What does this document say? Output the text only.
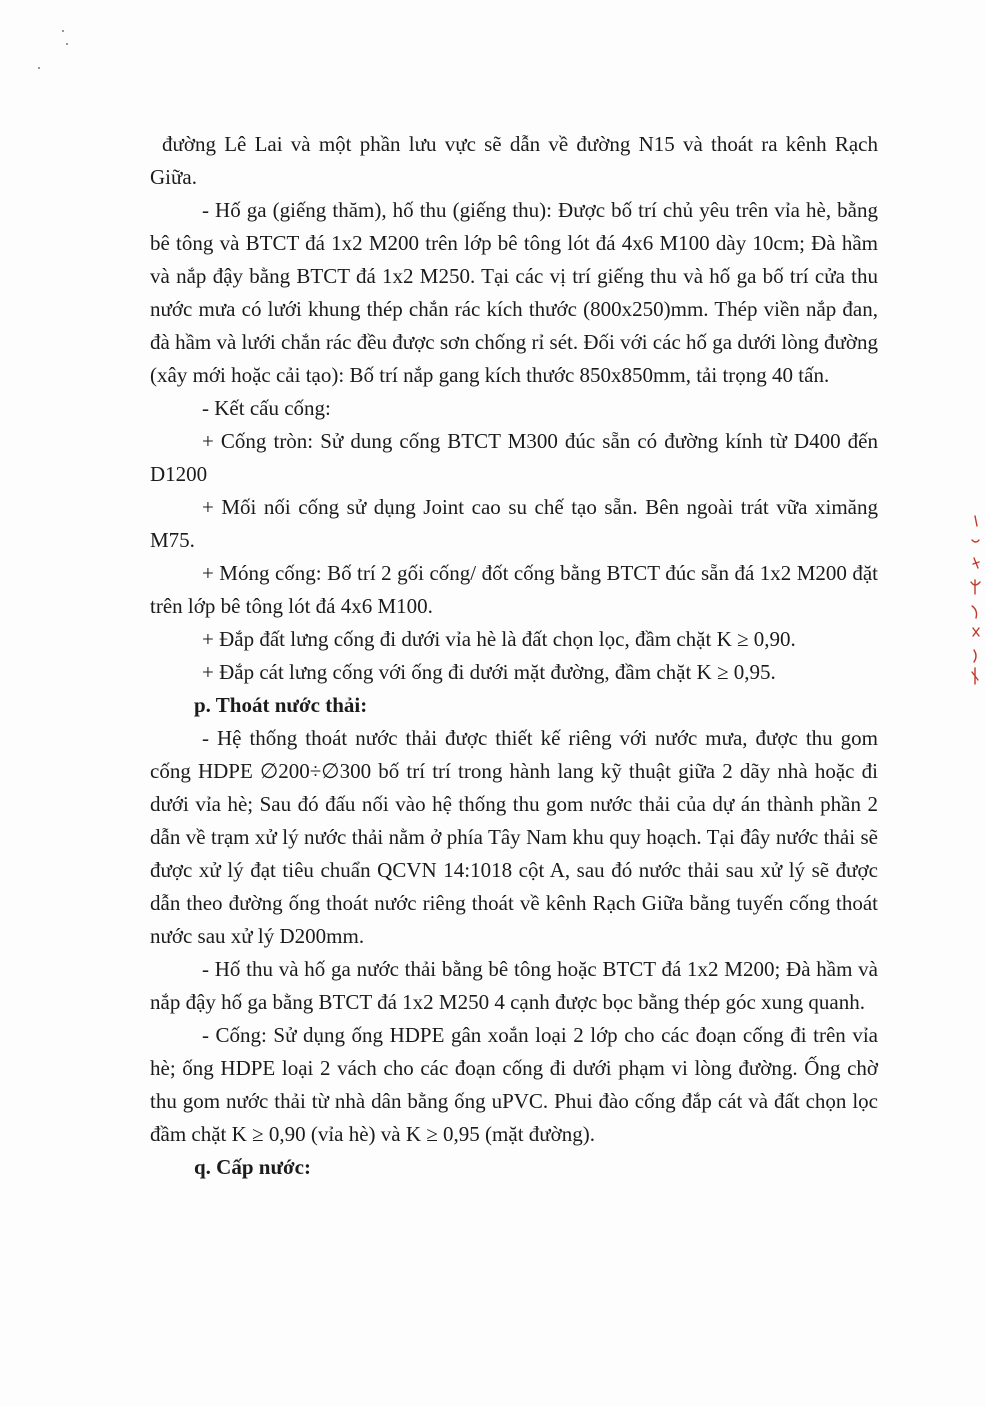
đường Lê Lai và một phần lưu vực sẽ dẫn về đường N15 và thoát ra kênh Rạch Giữa.

- Hố ga (giếng thăm), hố thu (giếng thu): Được bố trí chủ yêu trên vỉa hè, bằng bê tông và BTCT đá 1x2 M200 trên lớp bê tông lót đá 4x6 M100 dày 10cm; Đà hầm và nắp đậy bằng BTCT đá 1x2 M250. Tại các vị trí giếng thu và hố ga bố trí cửa thu nước mưa có lưới khung thép chắn rác kích thước (800x250)mm. Thép viền nắp đan, đà hầm và lưới chắn rác đều được sơn chống rỉ sét. Đối với các hố ga dưới lòng đường (xây mới hoặc cải tạo): Bố trí nắp gang kích thước 850x850mm, tải trọng 40 tấn.

- Kết cấu cống:

+ Cống tròn: Sử dung cống BTCT M300 đúc sẵn có đường kính từ D400 đến D1200

+ Mối nối cống sử dụng Joint cao su chế tạo sẵn. Bên ngoài trát vữa ximăng M75.

+ Móng cống: Bố trí 2 gối cống/ đốt cống bằng BTCT đúc sẵn đá 1x2 M200 đặt trên lớp bê tông lót đá 4x6 M100.

+ Đắp đất lưng cống đi dưới vỉa hè là đất chọn lọc, đầm chặt K ≥ 0,90.

+ Đắp cát lưng cống với ống đi dưới mặt đường, đầm chặt K ≥ 0,95.

p. Thoát nước thải:

- Hệ thống thoát nước thải được thiết kế riêng với nước mưa, được thu gom cống HDPE ∅200÷∅300 bố trí trí trong hành lang kỹ thuật giữa 2 dãy nhà hoặc đi dưới vỉa hè; Sau đó đấu nối vào hệ thống thu gom nước thải của dự án thành phần 2 dẫn về trạm xử lý nước thải nằm ở phía Tây Nam khu quy hoạch. Tại đây nước thải sẽ được xử lý đạt tiêu chuẩn QCVN 14:1018 cột A, sau đó nước thải sau xử lý sẽ được dẫn theo đường ống thoát nước riêng thoát về kênh Rạch Giữa bằng tuyến cống thoát nước sau xử lý D200mm.

- Hố thu và hố ga nước thải bằng bê tông hoặc BTCT đá 1x2 M200; Đà hầm và nắp đậy hố ga bằng BTCT đá 1x2 M250 4 cạnh được bọc bằng thép góc xung quanh.

- Cống: Sử dụng ống HDPE gân xoắn loại 2 lớp cho các đoạn cống đi trên vỉa hè; ống HDPE loại 2 vách cho các đoạn cống đi dưới phạm vi lòng đường. Ống chờ thu gom nước thải từ nhà dân bằng ống uPVC. Phui đào cống đắp cát và đất chọn lọc đầm chặt K ≥ 0,90 (vỉa hè) và K ≥ 0,95 (mặt đường).

q. Cấp nước:
